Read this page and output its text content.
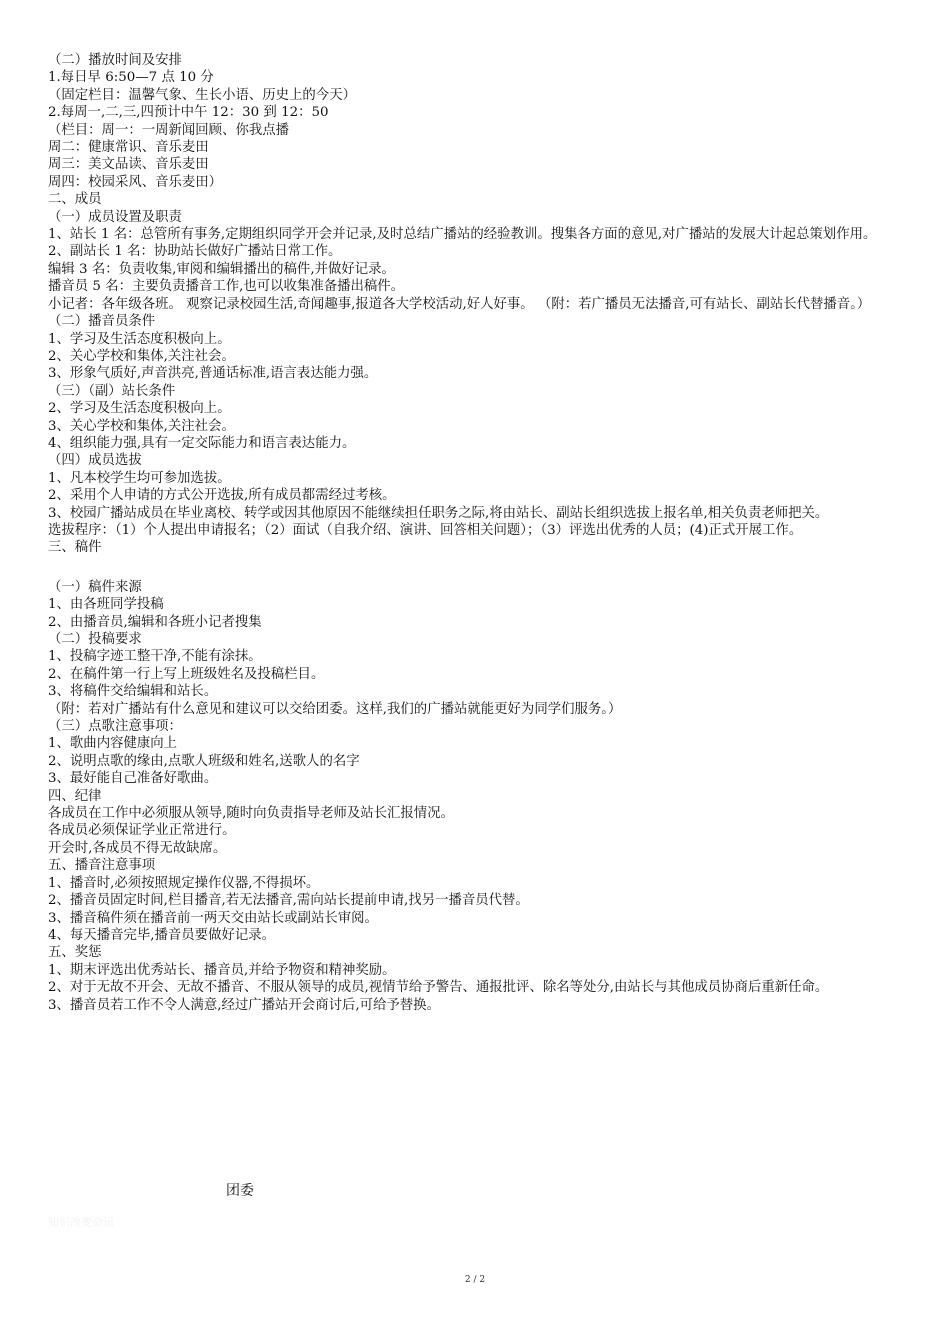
（二）播放时间及安排

1.每日早 6:50—7 点 10 分

（固定栏目：温馨气象、生长小语、历史上的今天）

2.每周一,二,三,四预计中午 12：30 到 12：50

（栏目：周一：一周新闻回顾、你我点播

周二：健康常识、音乐麦田

周三：美文品读、音乐麦田

周四：校园采风、音乐麦田）

二、成员

（一）成员设置及职责

1、站长 1 名：总管所有事务,定期组织同学开会并记录,及时总结广播站的经验教训。搜集各方面的意见,对广播站的发展大计起总策划作用。

2、副站长 1 名：协助站长做好广播站日常工作。

编辑 3 名：负责收集,审阅和编辑播出的稿件,并做好记录。

播音员 5 名：主要负责播音工作,也可以收集准备播出稿件。

小记者：各年级各班。 观察记录校园生活,奇闻趣事,报道各大学校活动,好人好事。 （附：若广播员无法播音,可有站长、副站长代替播音。）

（二）播音员条件

1、学习及生活态度积极向上。

2、关心学校和集体,关注社会。

3、形象气质好,声音洪亮,普通话标准,语言表达能力强。

（三）（副）站长条件

2、学习及生活态度积极向上。

3、关心学校和集体,关注社会。

4、组织能力强,具有一定交际能力和语言表达能力。

（四）成员选拔

1、凡本校学生均可参加选拔。

2、采用个人申请的方式公开选拔,所有成员都需经过考核。

3、校园广播站成员在毕业离校、转学或因其他原因不能继续担任职务之际,将由站长、副站长组织选拔上报名单,相关负责老师把关。

选拔程序：（1）个人提出申请报名；（2）面试（自我介绍、演讲、回答相关问题）；（3）评选出优秀的人员；(4)正式开展工作。

三、稿件

（一）稿件来源

1、由各班同学投稿

2、由播音员,编辑和各班小记者搜集

（二）投稿要求

1、投稿字迹工整干净,不能有涂抹。

2、在稿件第一行上写上班级姓名及投稿栏目。

3、将稿件交给编辑和站长。

（附：若对广播站有什么意见和建议可以交给团委。这样,我们的广播站就能更好为同学们服务。）

（三）点歌注意事项：

1、歌曲内容健康向上

2、说明点歌的缘由,点歌人班级和姓名,送歌人的名字

3、最好能自己准备好歌曲。

四、纪律

各成员在工作中必须服从领导,随时向负责指导老师及站长汇报情况。

各成员必须保证学业正常进行。

开会时,各成员不得无故缺席。

五、播音注意事项

1、播音时,必须按照规定操作仪器,不得损坏。

2、播音员固定时间,栏目播音,若无法播音,需向站长提前申请,找另一播音员代替。

3、播音稿件须在播音前一两天交由站长或副站长审阅。

4、每天播音完毕,播音员要做好记录。

五、奖惩

1、期末评选出优秀站长、播音员,并给予物资和精神奖励。

2、对于无故不开会、无故不播音、不服从领导的成员,视情节给予警告、通报批评、除名等处分,由站长与其他成员协商后重新任命。

3、播音员若工作不令人满意,经过广播站开会商讨后,可给予替换。

团委
知识改变命运
2 / 2
